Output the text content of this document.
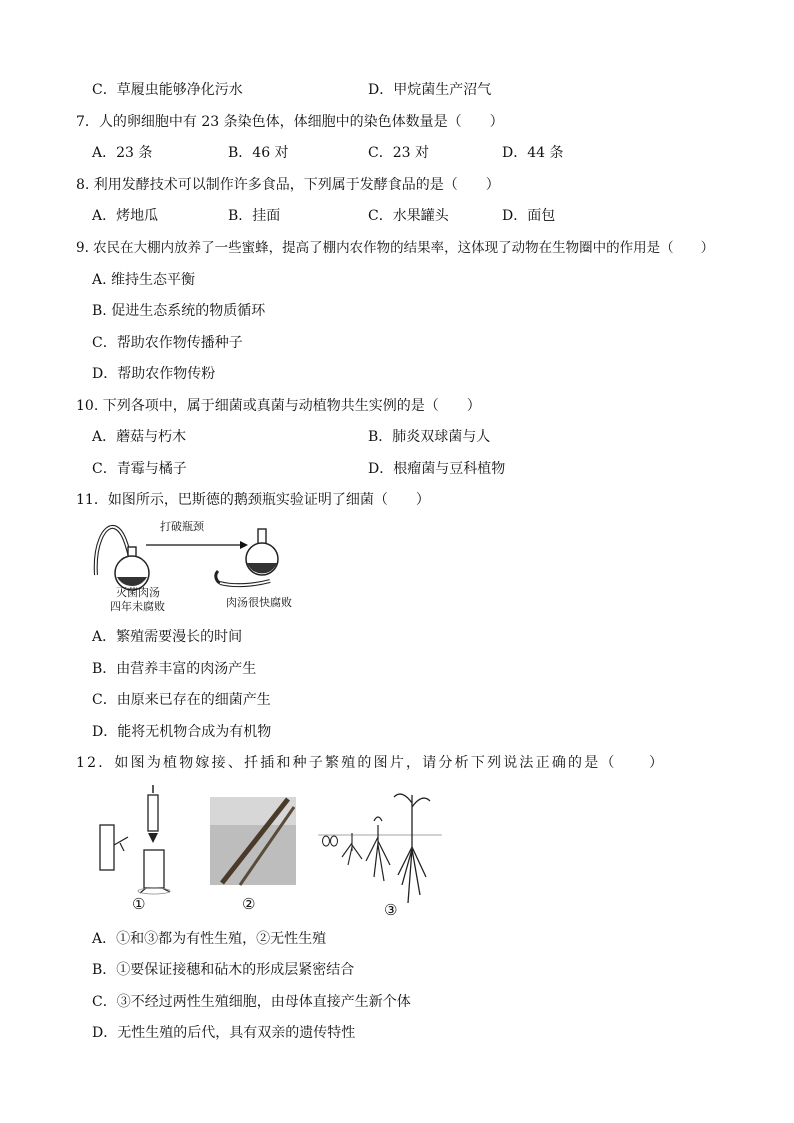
C．草履虫能够净化污水	D．甲烷菌生产沼气
7．人的卵细胞中有 23 条染色体，体细胞中的染色体数量是（　　）
A．23 条	B．46 对	C．23 对	D．44 条
8. 利用发酵技术可以制作许多食品，下列属于发酵食品的是（　　）
A．烤地瓜	B．挂面	C．水果罐头	D．面包
9. 农民在大棚内放养了一些蜜蜂，提高了棚内农作物的结果率，这体现了动物在生物圈中的作用是（　　）
A. 维持生态平衡
B. 促进生态系统的物质循环
C．帮助农作物传播种子
D．帮助农作物传粉
10. 下列各项中，属于细菌或真菌与动植物共生实例的是（　　）
A．蘑菇与朽木	B．肺炎双球菌与人
C．青霉与橘子	D．根瘤菌与豆科植物
11．如图所示，巴斯德的鹅颈瓶实验证明了细菌（　　）
打破瓶颈
灭菌肉汤
四年未腐败	肉汤很快腐败
A．繁殖需要漫长的时间
B．由营养丰富的肉汤产生
C．由原来已存在的细菌产生
D．能将无机物合成为有机物
12．如图为植物嫁接、扦插和种子繁殖的图片，请分析下列说法正确的是（　　）
①	②	③
A．①和③都为有性生殖，②无性生殖
B．①要保证接穗和砧木的形成层紧密结合
C．③不经过两性生殖细胞，由母体直接产生新个体
D．无性生殖的后代，具有双亲的遗传特性
